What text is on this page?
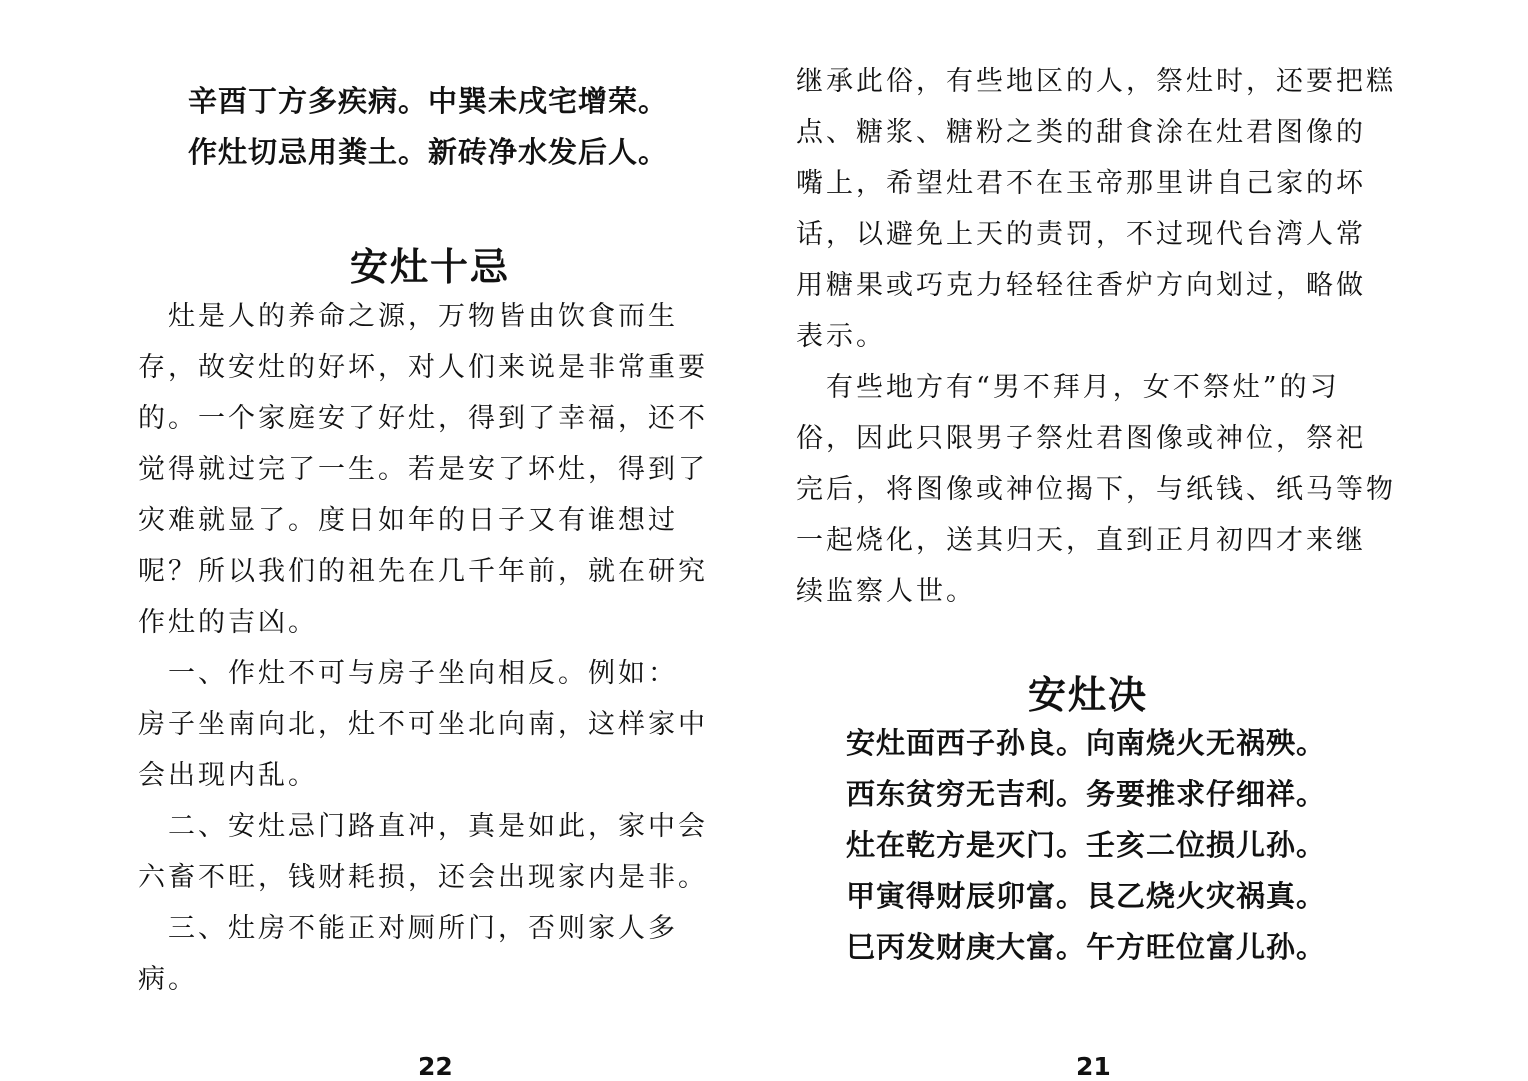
辛酉丁方多疾病。中巽未戌宅增荣。
作灶切忌用粪土。新砖净水发后人。
安灶十忌
　灶是人的养命之源，万物皆由饮食而生
存，故安灶的好坏，对人们来说是非常重要
的。一个家庭安了好灶，得到了幸福，还不
觉得就过完了一生。若是安了坏灶，得到了
灾难就显了。度日如年的日子又有谁想过
呢？所以我们的祖先在几千年前，就在研究
作灶的吉凶。
　一、作灶不可与房子坐向相反。例如：
房子坐南向北，灶不可坐北向南，这样家中
会出现内乱。
　二、安灶忌门路直冲，真是如此，家中会
六畜不旺，钱财耗损，还会出现家内是非。
　三、灶房不能正对厕所门，否则家人多
病。
22
继承此俗，有些地区的人，祭灶时，还要把糕
点、糖浆、糖粉之类的甜食涂在灶君图像的
嘴上，希望灶君不在玉帝那里讲自己家的坏
话，以避免上天的责罚，不过现代台湾人常
用糖果或巧克力轻轻往香炉方向划过，略做
表示。
　有些地方有“男不拜月，女不祭灶”的习
俗，因此只限男子祭灶君图像或神位，祭祀
完后，将图像或神位揭下，与纸钱、纸马等物
一起烧化，送其归天，直到正月初四才来继
续监察人世。
安灶决
安灶面西子孙良。向南烧火无祸殃。
西东贫穷无吉利。务要推求仔细祥。
灶在乾方是灭门。壬亥二位损儿孙。
甲寅得财辰卯富。艮乙烧火灾祸真。
巳丙发财庚大富。午方旺位富儿孙。
21
